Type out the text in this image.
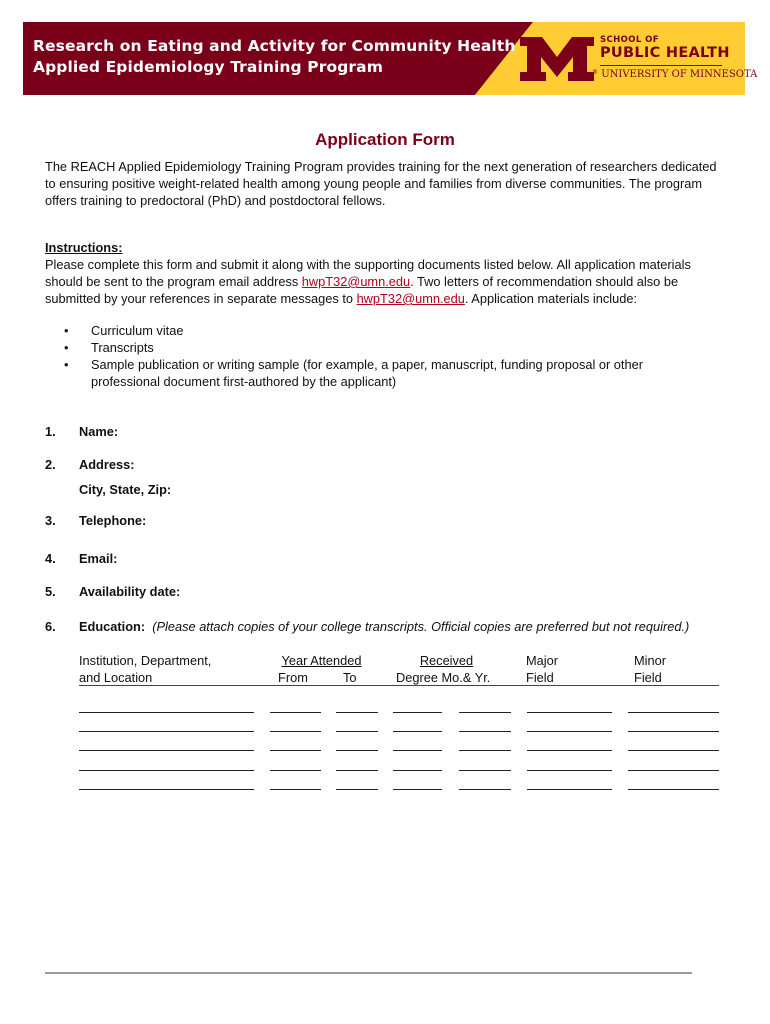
Research on Eating and Activity for Community Health
Applied Epidemiology Training Program
SCHOOL OF
PUBLIC HEALTH
® UNIVERSITY OF MINNESOTA
Application Form
The REACH Applied Epidemiology Training Program provides training for the next generation of researchers dedicated to ensuring positive weight-related health among young people and families from diverse communities. The program offers training to predoctoral (PhD) and postdoctoral fellows.
Instructions:
Please complete this form and submit it along with the supporting documents listed below. All application materials should be sent to the program email address hwpT32@umn.edu. Two letters of recommendation should also be submitted by your references in separate messages to hwpT32@umn.edu. Application materials include:
• Curriculum vitae
• Transcripts
• Sample publication or writing sample (for example, a paper, manuscript, funding proposal or other professional document first-authored by the applicant)
1. Name:
2. Address:
City, State, Zip:
3. Telephone:
4. Email:
5. Availability date:
6. Education: (Please attach copies of your college transcripts. Official copies are preferred but not required.)
Institution, Department,
and Location
Year Attended
From	To
Received
Degree Mo.& Yr.
Major
Field
Minor
Field
